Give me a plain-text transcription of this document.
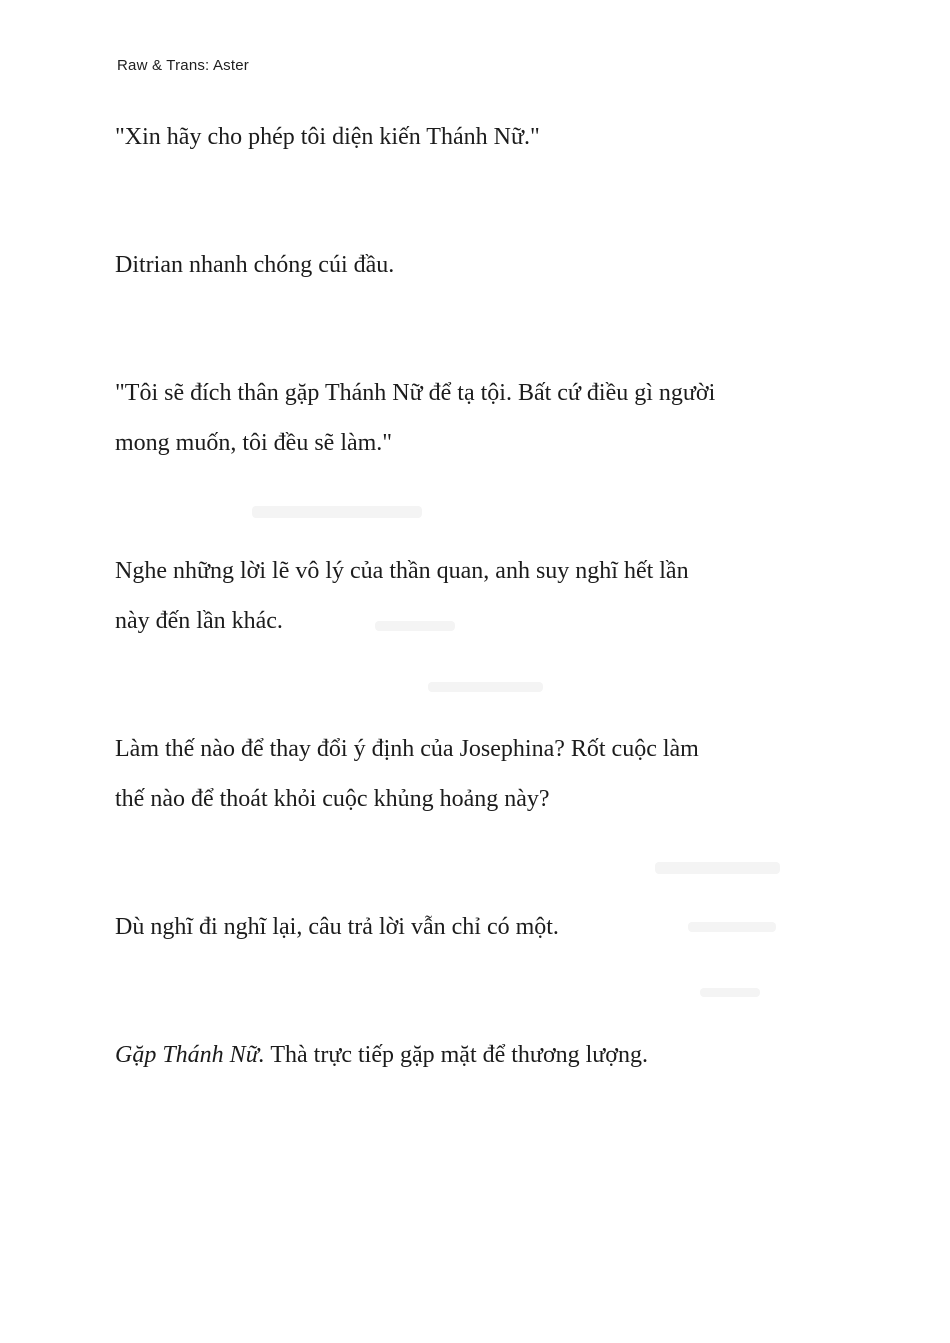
Raw & Trans: Aster

"Xin hãy cho phép tôi diện kiến Thánh Nữ."

Ditrian nhanh chóng cúi đầu.

"Tôi sẽ đích thân gặp Thánh Nữ để tạ tội. Bất cứ điều gì người
mong muốn, tôi đều sẽ làm."

Nghe những lời lẽ vô lý của thần quan, anh suy nghĩ hết lần
này đến lần khác.

Làm thế nào để thay đổi ý định của Josephina? Rốt cuộc làm
thế nào để thoát khỏi cuộc khủng hoảng này?

Dù nghĩ đi nghĩ lại, câu trả lời vẫn chỉ có một.

Gặp Thánh Nữ. Thà trực tiếp gặp mặt để thương lượng.
